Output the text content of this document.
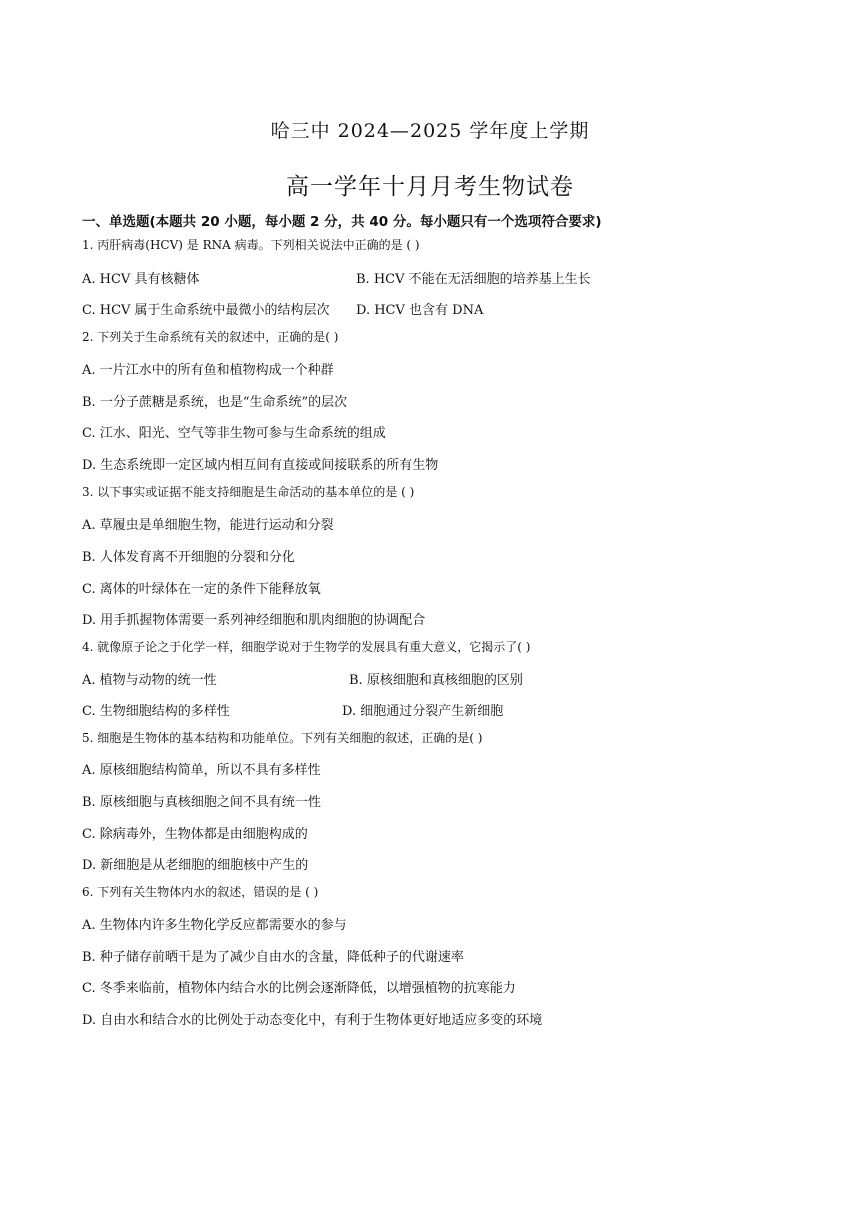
哈三中 2024—2025 学年度上学期
高一学年十月月考生物试卷
一、单选题(本题共 20 小题，每小题 2 分，共 40 分。每小题只有一个选项符合要求)
1. 丙肝病毒(HCV) 是 RNA 病毒。下列相关说法中正确的是 ( )
A. HCV 具有核糖体	B. HCV 不能在无活细胞的培养基上生长
C. HCV 属于生命系统中最微小的结构层次 D. HCV 也含有 DNA
2. 下列关于生命系统有关的叙述中，正确的是( )
A. 一片江水中的所有鱼和植物构成一个种群
B. 一分子蔗糖是系统，也是“生命系统”的层次
C. 江水、阳光、空气等非生物可参与生命系统的组成
D. 生态系统即一定区域内相互间有直接或间接联系的所有生物
3. 以下事实或证据不能支持细胞是生命活动的基本单位的是 ( )
A. 草履虫是单细胞生物，能进行运动和分裂
B. 人体发育离不开细胞的分裂和分化
C. 离体的叶绿体在一定的条件下能释放氧
D. 用手抓握物体需要一系列神经细胞和肌肉细胞的协调配合
4. 就像原子论之于化学一样，细胞学说对于生物学的发展具有重大意义，它揭示了( )
A. 植物与动物的统一性	B. 原核细胞和真核细胞的区别
C. 生物细胞结构的多样性	D. 细胞通过分裂产生新细胞
5. 细胞是生物体的基本结构和功能单位。下列有关细胞的叙述，正确的是( )
A. 原核细胞结构简单，所以不具有多样性
B. 原核细胞与真核细胞之间不具有统一性
C. 除病毒外，生物体都是由细胞构成的
D. 新细胞是从老细胞的细胞核中产生的
6. 下列有关生物体内水的叙述，错误的是 ( )
A. 生物体内许多生物化学反应都需要水的参与
B. 种子储存前晒干是为了减少自由水的含量，降低种子的代谢速率
C. 冬季来临前，植物体内结合水的比例会逐渐降低，以增强植物的抗寒能力
D. 自由水和结合水的比例处于动态变化中，有利于生物体更好地适应多变的环境
